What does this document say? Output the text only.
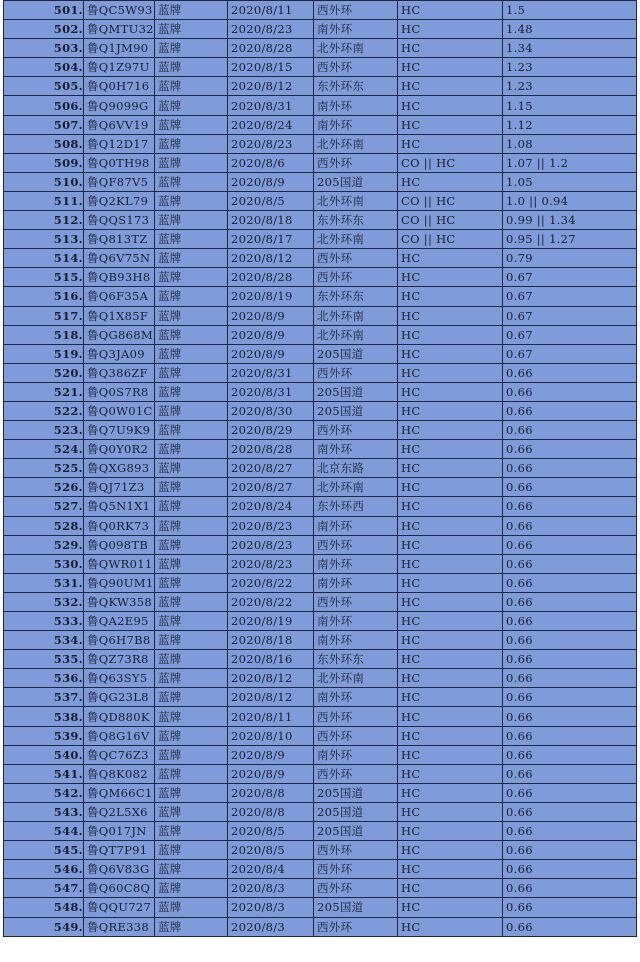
501.	鲁QC5W93	蓝牌	2020/8/11	西外环	HC	1.5
502.	鲁QMTU32	蓝牌	2020/8/23	南外环	HC	1.48
503.	鲁Q1JM90	蓝牌	2020/8/28	北外环南	HC	1.34
504.	鲁Q1Z97U	蓝牌	2020/8/15	西外环	HC	1.23
505.	鲁Q0H716	蓝牌	2020/8/12	东外环东	HC	1.23
506.	鲁Q9099G	蓝牌	2020/8/31	南外环	HC	1.15
507.	鲁Q6VV19	蓝牌	2020/8/24	南外环	HC	1.12
508.	鲁Q12D17	蓝牌	2020/8/23	北外环南	HC	1.08
509.	鲁Q0TH98	蓝牌	2020/8/6	西外环	CO || HC	1.07 || 1.2
510.	鲁QF87V5	蓝牌	2020/8/9	205国道	HC	1.05
511.	鲁Q2KL79	蓝牌	2020/8/5	北外环南	CO || HC	1.0 || 0.94
512.	鲁QQS173	蓝牌	2020/8/18	东外环东	CO || HC	0.99 || 1.34
513.	鲁Q813TZ	蓝牌	2020/8/17	北外环南	CO || HC	0.95 || 1.27
514.	鲁Q6V75N	蓝牌	2020/8/12	西外环	HC	0.79
515.	鲁QB93H8	蓝牌	2020/8/28	西外环	HC	0.67
516.	鲁Q6F35A	蓝牌	2020/8/19	东外环东	HC	0.67
517.	鲁Q1X85F	蓝牌	2020/8/9	北外环南	HC	0.67
518.	鲁QG868M	蓝牌	2020/8/9	北外环南	HC	0.67
519.	鲁Q3JA09	蓝牌	2020/8/9	205国道	HC	0.67
520.	鲁Q386ZF	蓝牌	2020/8/31	西外环	HC	0.66
521.	鲁Q0S7R8	蓝牌	2020/8/31	205国道	HC	0.66
522.	鲁Q0W01C	蓝牌	2020/8/30	205国道	HC	0.66
523.	鲁Q7U9K9	蓝牌	2020/8/29	西外环	HC	0.66
524.	鲁Q0Y0R2	蓝牌	2020/8/28	南外环	HC	0.66
525.	鲁QXG893	蓝牌	2020/8/27	北京东路	HC	0.66
526.	鲁QJ71Z3	蓝牌	2020/8/27	北外环南	HC	0.66
527.	鲁Q5N1X1	蓝牌	2020/8/24	东外环西	HC	0.66
528.	鲁Q0RK73	蓝牌	2020/8/23	南外环	HC	0.66
529.	鲁Q098TB	蓝牌	2020/8/23	西外环	HC	0.66
530.	鲁QWR011	蓝牌	2020/8/23	南外环	HC	0.66
531.	鲁Q90UM1	蓝牌	2020/8/22	南外环	HC	0.66
532.	鲁QKW358	蓝牌	2020/8/22	西外环	HC	0.66
533.	鲁QA2E95	蓝牌	2020/8/19	南外环	HC	0.66
534.	鲁Q6H7B8	蓝牌	2020/8/18	南外环	HC	0.66
535.	鲁QZ73R8	蓝牌	2020/8/16	东外环东	HC	0.66
536.	鲁Q63SY5	蓝牌	2020/8/12	北外环南	HC	0.66
537.	鲁QG23L8	蓝牌	2020/8/12	南外环	HC	0.66
538.	鲁QD880K	蓝牌	2020/8/11	西外环	HC	0.66
539.	鲁Q8G16V	蓝牌	2020/8/10	西外环	HC	0.66
540.	鲁QC76Z3	蓝牌	2020/8/9	南外环	HC	0.66
541.	鲁Q8K082	蓝牌	2020/8/9	西外环	HC	0.66
542.	鲁QM66C1	蓝牌	2020/8/8	205国道	HC	0.66
543.	鲁Q2L5X6	蓝牌	2020/8/8	205国道	HC	0.66
544.	鲁Q017JN	蓝牌	2020/8/5	205国道	HC	0.66
545.	鲁QT7P91	蓝牌	2020/8/5	西外环	HC	0.66
546.	鲁Q6V83G	蓝牌	2020/8/4	西外环	HC	0.66
547.	鲁Q60C8Q	蓝牌	2020/8/3	西外环	HC	0.66
548.	鲁QQU727	蓝牌	2020/8/3	205国道	HC	0.66
549.	鲁QRE338	蓝牌	2020/8/3	西外环	HC	0.66
